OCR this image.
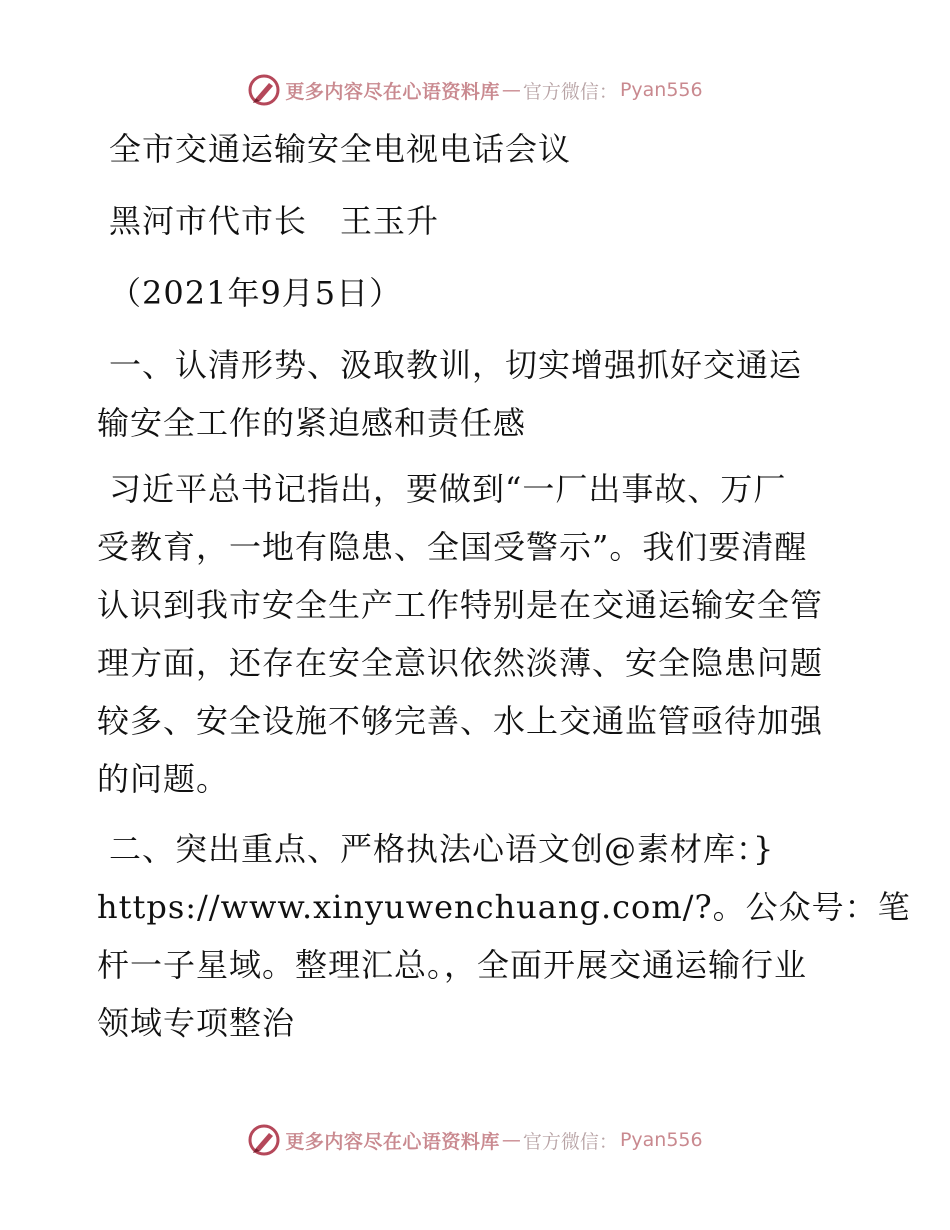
更多内容尽在心语资料库 — 官方微信： Pyan556

全市交通运输安全电视电话会议

黑河市代市长　王玉升

（2021年9月5日）

一、认清形势、汲取教训，切实增强抓好交通运

输安全工作的紧迫感和责任感

习近平总书记指出，要做到“一厂出事故、万厂

受教育，一地有隐患、全国受警示”。我们要清醒

认识到我市安全生产工作特别是在交通运输安全管

理方面，还存在安全意识依然淡薄、安全隐患问题

较多、安全设施不够完善、水上交通监管亟待加强

的问题。

二、突出重点、严格执法心语文创@素材库：}

https://www.xinyuwenchuang.com/?。公众号：笔

杆一子星域。整理汇总。，全面开展交通运输行业

领域专项整治

更多内容尽在心语资料库 — 官方微信： Pyan556
